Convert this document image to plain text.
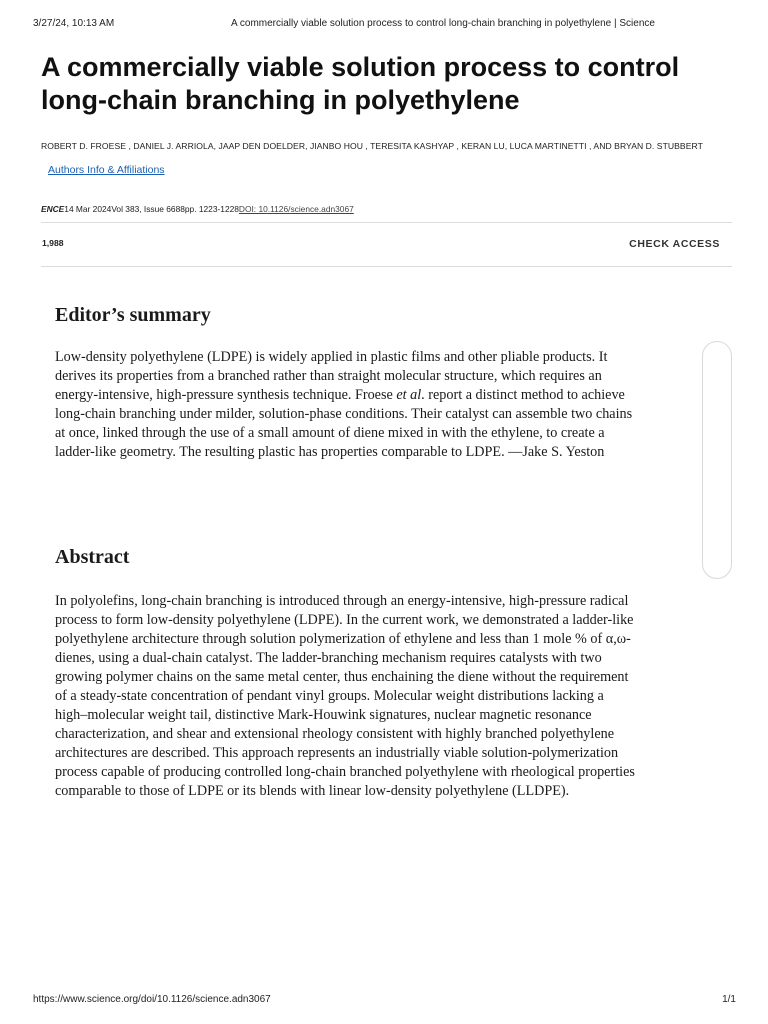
3/27/24, 10:13 AM	A commercially viable solution process to control long-chain branching in polyethylene | Science
A commercially viable solution process to control long-chain branching in polyethylene
ROBERT D. FROESE , DANIEL J. ARRIOLA, JAAP DEN DOELDER, JIANBO HOU , TERESITA KASHYAP , KERAN LU, LUCA MARTINETTI , AND BRYAN D. STUBBERT
Authors Info & Affiliations
ENCE14 Mar 2024Vol 383, Issue 6688pp. 1223-1228DOI: 10.1126/science.adn3067
1,988	CHECK ACCESS
Editor’s summary

Low-density polyethylene (LDPE) is widely applied in plastic films and other pliable products. It derives its properties from a branched rather than straight molecular structure, which requires an energy-intensive, high-pressure synthesis technique. Froese et al. report a distinct method to achieve long-chain branching under milder, solution-phase conditions. Their catalyst can assemble two chains at once, linked through the use of a small amount of diene mixed in with the ethylene, to create a ladder-like geometry. The resulting plastic has properties comparable to LDPE. —Jake S. Yeston

Abstract

In polyolefins, long-chain branching is introduced through an energy-intensive, high-pressure radical process to form low-density polyethylene (LDPE). In the current work, we demonstrated a ladder-like polyethylene architecture through solution polymerization of ethylene and less than 1 mole % of α,ω-dienes, using a dual-chain catalyst. The ladder-branching mechanism requires catalysts with two growing polymer chains on the same metal center, thus enchaining the diene without the requirement of a steady-state concentration of pendant vinyl groups. Molecular weight distributions lacking a high–molecular weight tail, distinctive Mark-Houwink signatures, nuclear magnetic resonance characterization, and shear and extensional rheology consistent with highly branched polyethylene architectures are described. This approach represents an industrially viable solution-polymerization process capable of producing controlled long-chain branched polyethylene with rheological properties comparable to those of LDPE or its blends with linear low-density polyethylene (LLDPE).

https://www.science.org/doi/10.1126/science.adn3067	1/1
